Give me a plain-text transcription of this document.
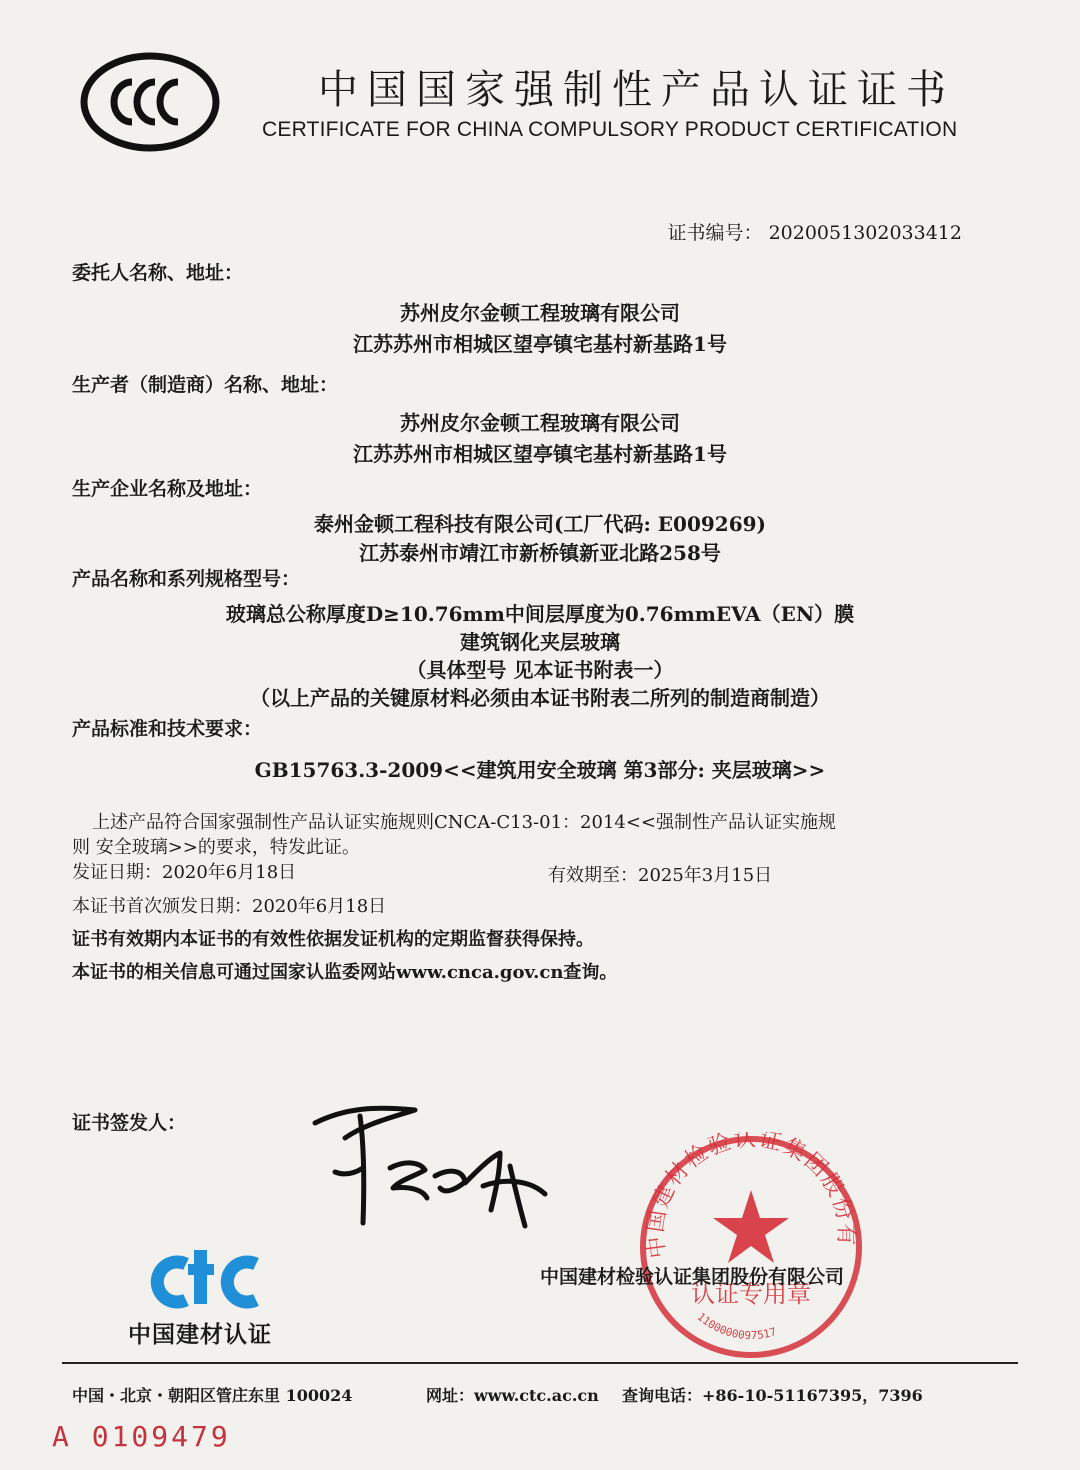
CCC
中国国家强制性产品认证证书
CERTIFICATE FOR CHINA COMPULSORY PRODUCT CERTIFICATION
证书编号： 2020051302033412
委托人名称、地址：
苏州皮尔金顿工程玻璃有限公司
江苏苏州市相城区望亭镇宅基村新基路1号
生产者（制造商）名称、地址：
苏州皮尔金顿工程玻璃有限公司
江苏苏州市相城区望亭镇宅基村新基路1号
生产企业名称及地址：
泰州金顿工程科技有限公司(工厂代码: E009269)
江苏泰州市靖江市新桥镇新亚北路258号
产品名称和系列规格型号：
玻璃总公称厚度D≥10.76mm中间层厚度为0.76mmEVA（EN）膜
建筑钢化夹层玻璃
（具体型号 见本证书附表一）
（以上产品的关键原材料必须由本证书附表二所列的制造商制造）
产品标准和技术要求：
GB15763.3-2009<<建筑用安全玻璃 第3部分: 夹层玻璃>>
上述产品符合国家强制性产品认证实施规则CNCA-C13-01：2014<<强制性产品认证实施规
则 安全玻璃>>的要求，特发此证。
发证日期：2020年6月18日	有效期至：2025年3月15日
本证书首次颁发日期：2020年6月18日
证书有效期内本证书的有效性依据发证机构的定期监督获得保持。
本证书的相关信息可通过国家认监委网站www.cnca.gov.cn查询。
证书签发人：
中国建材认证
中国建材检验认证集团股份有
认证专用章
1100000097517
中国建材检验认证集团股份有限公司
中国・北京・朝阳区管庄东里 100024	网址：www.ctc.ac.cn 查询电话：+86-10-51167395，7396
A 0109479
